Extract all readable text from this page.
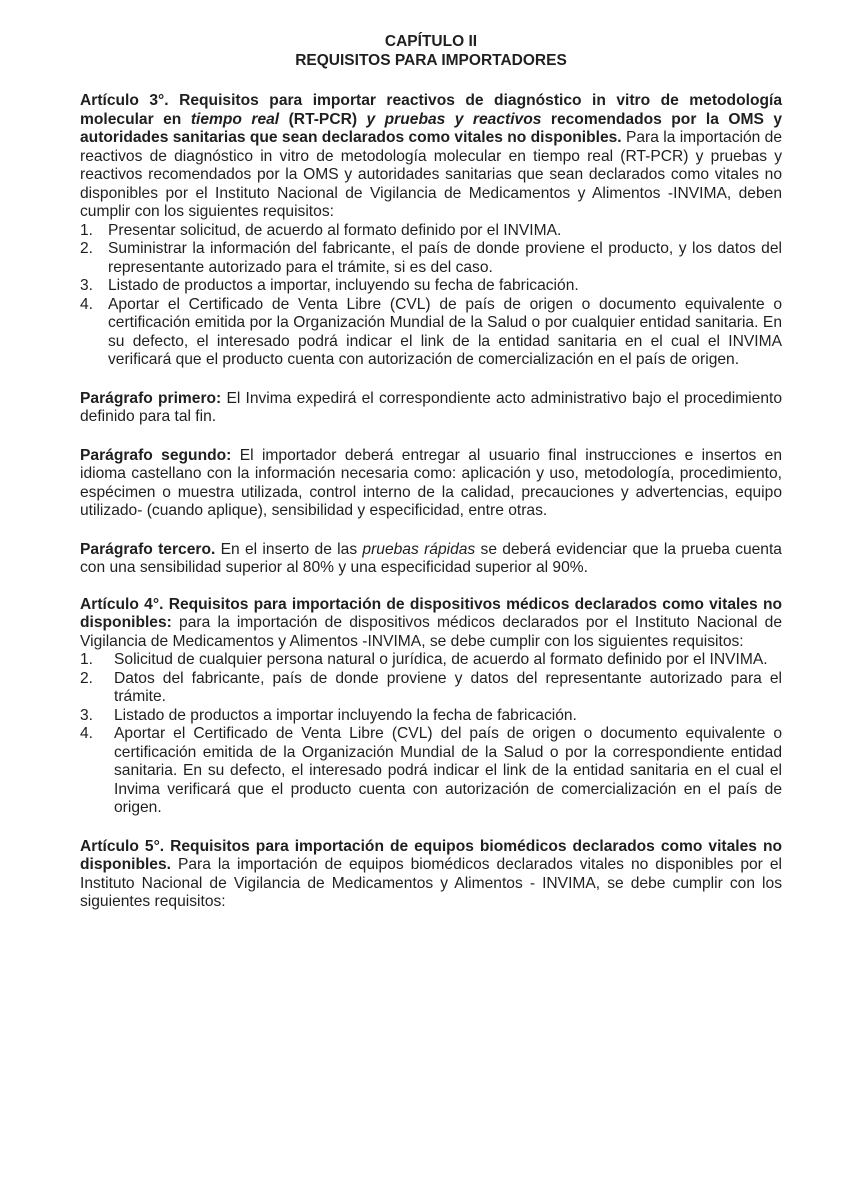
CAPÍTULO II
REQUISITOS PARA IMPORTADORES

Artículo 3°. Requisitos para importar reactivos de diagnóstico in vitro de metodología molecular en tiempo real (RT-PCR) y pruebas y reactivos recomendados por la OMS y autoridades sanitarias que sean declarados como vitales no disponibles. Para la importación de reactivos de diagnóstico in vitro de metodología molecular en tiempo real (RT-PCR) y pruebas y reactivos recomendados por la OMS y autoridades sanitarias que sean declarados como vitales no disponibles por el Instituto Nacional de Vigilancia de Medicamentos y Alimentos -INVIMA, deben cumplir con los siguientes requisitos:

1. Presentar solicitud, de acuerdo al formato definido por el INVIMA.
2. Suministrar la información del fabricante, el país de donde proviene el producto, y los datos del representante autorizado para el trámite, si es del caso.
3. Listado de productos a importar, incluyendo su fecha de fabricación.
4. Aportar el Certificado de Venta Libre (CVL) de país de origen o documento equivalente o certificación emitida por la Organización Mundial de la Salud o por cualquier entidad sanitaria. En su defecto, el interesado podrá indicar el link de la entidad sanitaria en el cual el INVIMA verificará que el producto cuenta con autorización de comercialización en el país de origen.

Parágrafo primero: El Invima expedirá el correspondiente acto administrativo bajo el procedimiento definido para tal fin.

Parágrafo segundo: El importador deberá entregar al usuario final instrucciones e insertos en idioma castellano con la información necesaria como: aplicación y uso, metodología, procedimiento, espécimen o muestra utilizada, control interno de la calidad, precauciones y advertencias, equipo utilizado- (cuando aplique), sensibilidad y especificidad, entre otras.

Parágrafo tercero. En el inserto de las pruebas rápidas se deberá evidenciar que la prueba cuenta con una sensibilidad superior al 80% y una especificidad superior al 90%.

Artículo 4°. Requisitos para importación de dispositivos médicos declarados como vitales no disponibles: para la importación de dispositivos médicos declarados por el Instituto Nacional de Vigilancia de Medicamentos y Alimentos -INVIMA, se debe cumplir con los siguientes requisitos:

1. Solicitud de cualquier persona natural o jurídica, de acuerdo al formato definido por el INVIMA.
2. Datos del fabricante, país de donde proviene y datos del representante autorizado para el trámite.
3. Listado de productos a importar incluyendo la fecha de fabricación.
4. Aportar el Certificado de Venta Libre (CVL) del país de origen o documento equivalente o certificación emitida de la Organización Mundial de la Salud o por la correspondiente entidad sanitaria. En su defecto, el interesado podrá indicar el link de la entidad sanitaria en el cual el Invima verificará que el producto cuenta con autorización de comercialización en el país de origen.

Artículo 5°. Requisitos para importación de equipos biomédicos declarados como vitales no disponibles. Para la importación de equipos biomédicos declarados vitales no disponibles por el Instituto Nacional de Vigilancia de Medicamentos y Alimentos - INVIMA, se debe cumplir con los siguientes requisitos:
